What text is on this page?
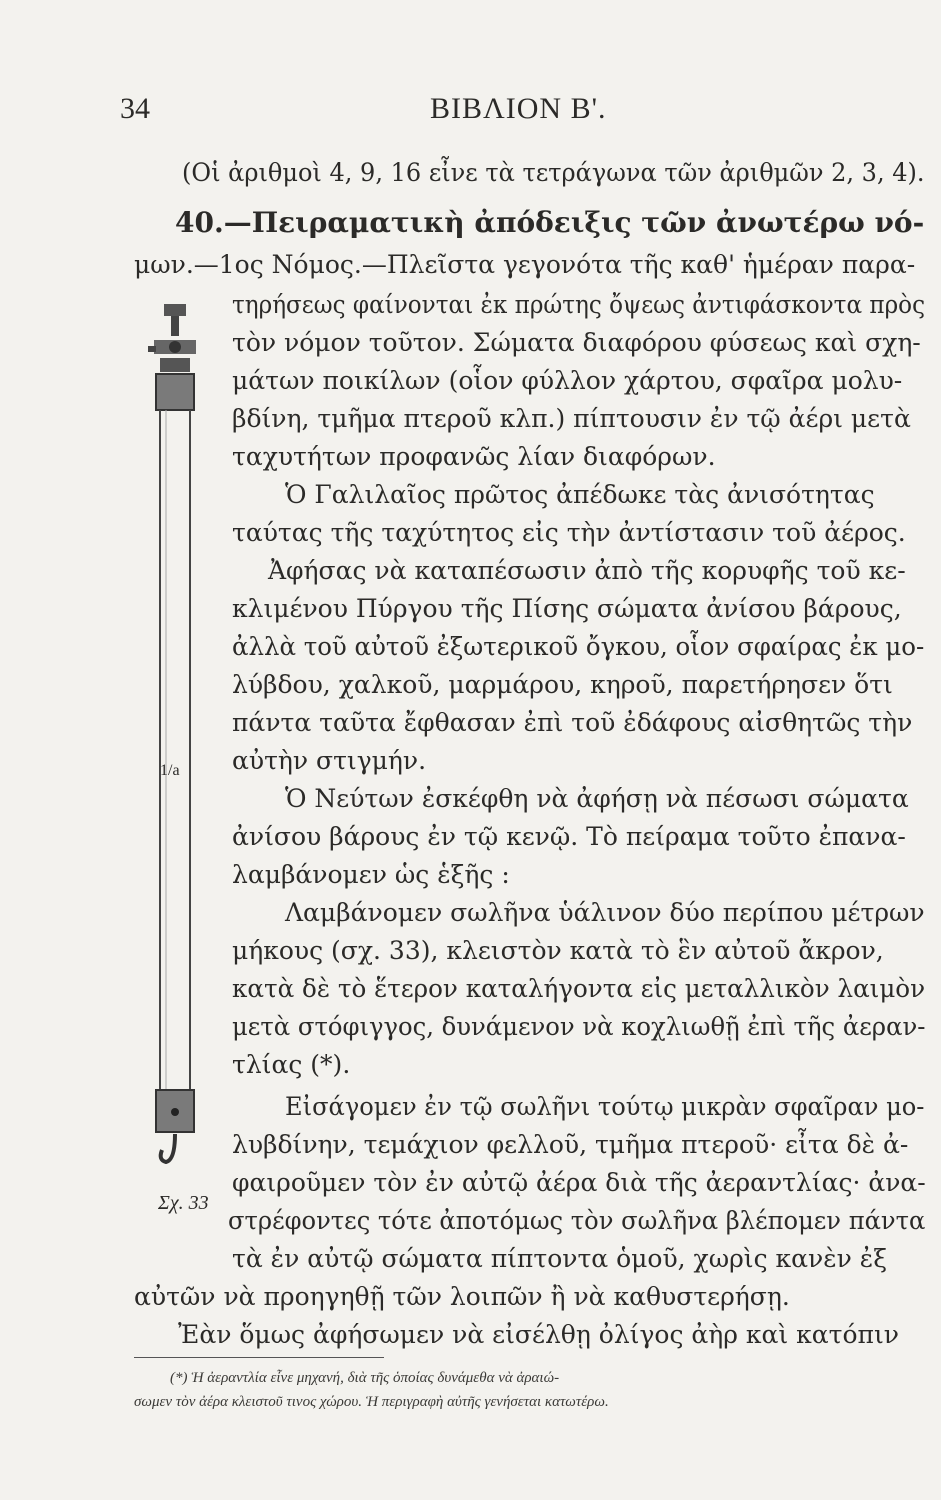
34	ΒΙΒΛΙΟΝ Β'.
1/a
Σχ. 33
(Οἱ ἀριθμοὶ 4, 9, 16 εἶνε τὰ τετράγωνα τῶν ἀριθμῶν 2, 3, 4).
40.—Πειραματικὴ ἀπόδειξις τῶν ἀνωτέρω νό-
μων.—1ος Νόμος.—Πλεῖστα γεγονότα τῆς καθ' ἡμέραν παρα-
τηρήσεως φαίνονται ἐκ πρώτης ὄψεως ἀντιφάσκοντα πρὸς
τὸν νόμον τοῦτον. Σώματα διαφόρου φύσεως καὶ σχη-
μάτων ποικίλων (οἷον φύλλον χάρτου, σφαῖρα μολυ-
βδίνη, τμῆμα πτεροῦ κλπ.) πίπτουσιν ἐν τῷ ἀέρι μετὰ
ταχυτήτων προφανῶς λίαν διαφόρων.
Ὁ Γαλιλαῖος πρῶτος ἀπέδωκε τὰς ἀνισότητας
ταύτας τῆς ταχύτητος εἰς τὴν ἀντίστασιν τοῦ ἀέρος.
Ἀφήσας νὰ καταπέσωσιν ἀπὸ τῆς κορυφῆς τοῦ κε-
κλιμένου Πύργου τῆς Πίσης σώματα ἀνίσου βάρους,
ἀλλὰ τοῦ αὐτοῦ ἐξωτερικοῦ ὄγκου, οἷον σφαίρας ἐκ μο-
λύβδου, χαλκοῦ, μαρμάρου, κηροῦ, παρετήρησεν ὅτι
πάντα ταῦτα ἔφθασαν ἐπὶ τοῦ ἐδάφους αἰσθητῶς τὴν
αὐτὴν στιγμήν.
Ὁ Νεύτων ἐσκέφθη νὰ ἀφήσῃ νὰ πέσωσι σώματα
ἀνίσου βάρους ἐν τῷ κενῷ. Τὸ πείραμα τοῦτο ἐπανα-
λαμβάνομεν ὡς ἑξῆς :
Λαμβάνομεν σωλῆνα ὑάλινον δύο περίπου μέτρων
μήκους (σχ. 33), κλειστὸν κατὰ τὸ ἓν αὐτοῦ ἄκρον,
κατὰ δὲ τὸ ἕτερον καταλήγοντα εἰς μεταλλικὸν λαιμὸν
μετὰ στόφιγγος, δυνάμενον νὰ κοχλιωθῇ ἐπὶ τῆς ἀεραν-
τλίας (*).
Εἰσάγομεν ἐν τῷ σωλῆνι τούτῳ μικρὰν σφαῖραν μο-
λυβδίνην, τεμάχιον φελλοῦ, τμῆμα πτεροῦ· εἶτα δὲ ἀ-
φαιροῦμεν τὸν ἐν αὐτῷ ἀέρα διὰ τῆς ἀεραντλίας· ἀνα-
στρέφοντες τότε ἀποτόμως τὸν σωλῆνα βλέπομεν πάντα
τὰ ἐν αὐτῷ σώματα πίπτοντα ὁμοῦ, χωρὶς κανὲν ἐξ
αὐτῶν νὰ προηγηθῇ τῶν λοιπῶν ἢ νὰ καθυστερήσῃ.
Ἐὰν ὅμως ἀφήσωμεν νὰ εἰσέλθῃ ὀλίγος ἀὴρ καὶ κατόπιν
(*) Ἡ ἀεραντλία εἶνε μηχανή, διὰ τῆς ὁποίας δυνάμεθα νὰ ἀραιώ-
σωμεν τὸν ἀέρα κλειστοῦ τινος χώρου. Ἡ περιγραφὴ αὐτῆς γενήσεται κατωτέρω.
